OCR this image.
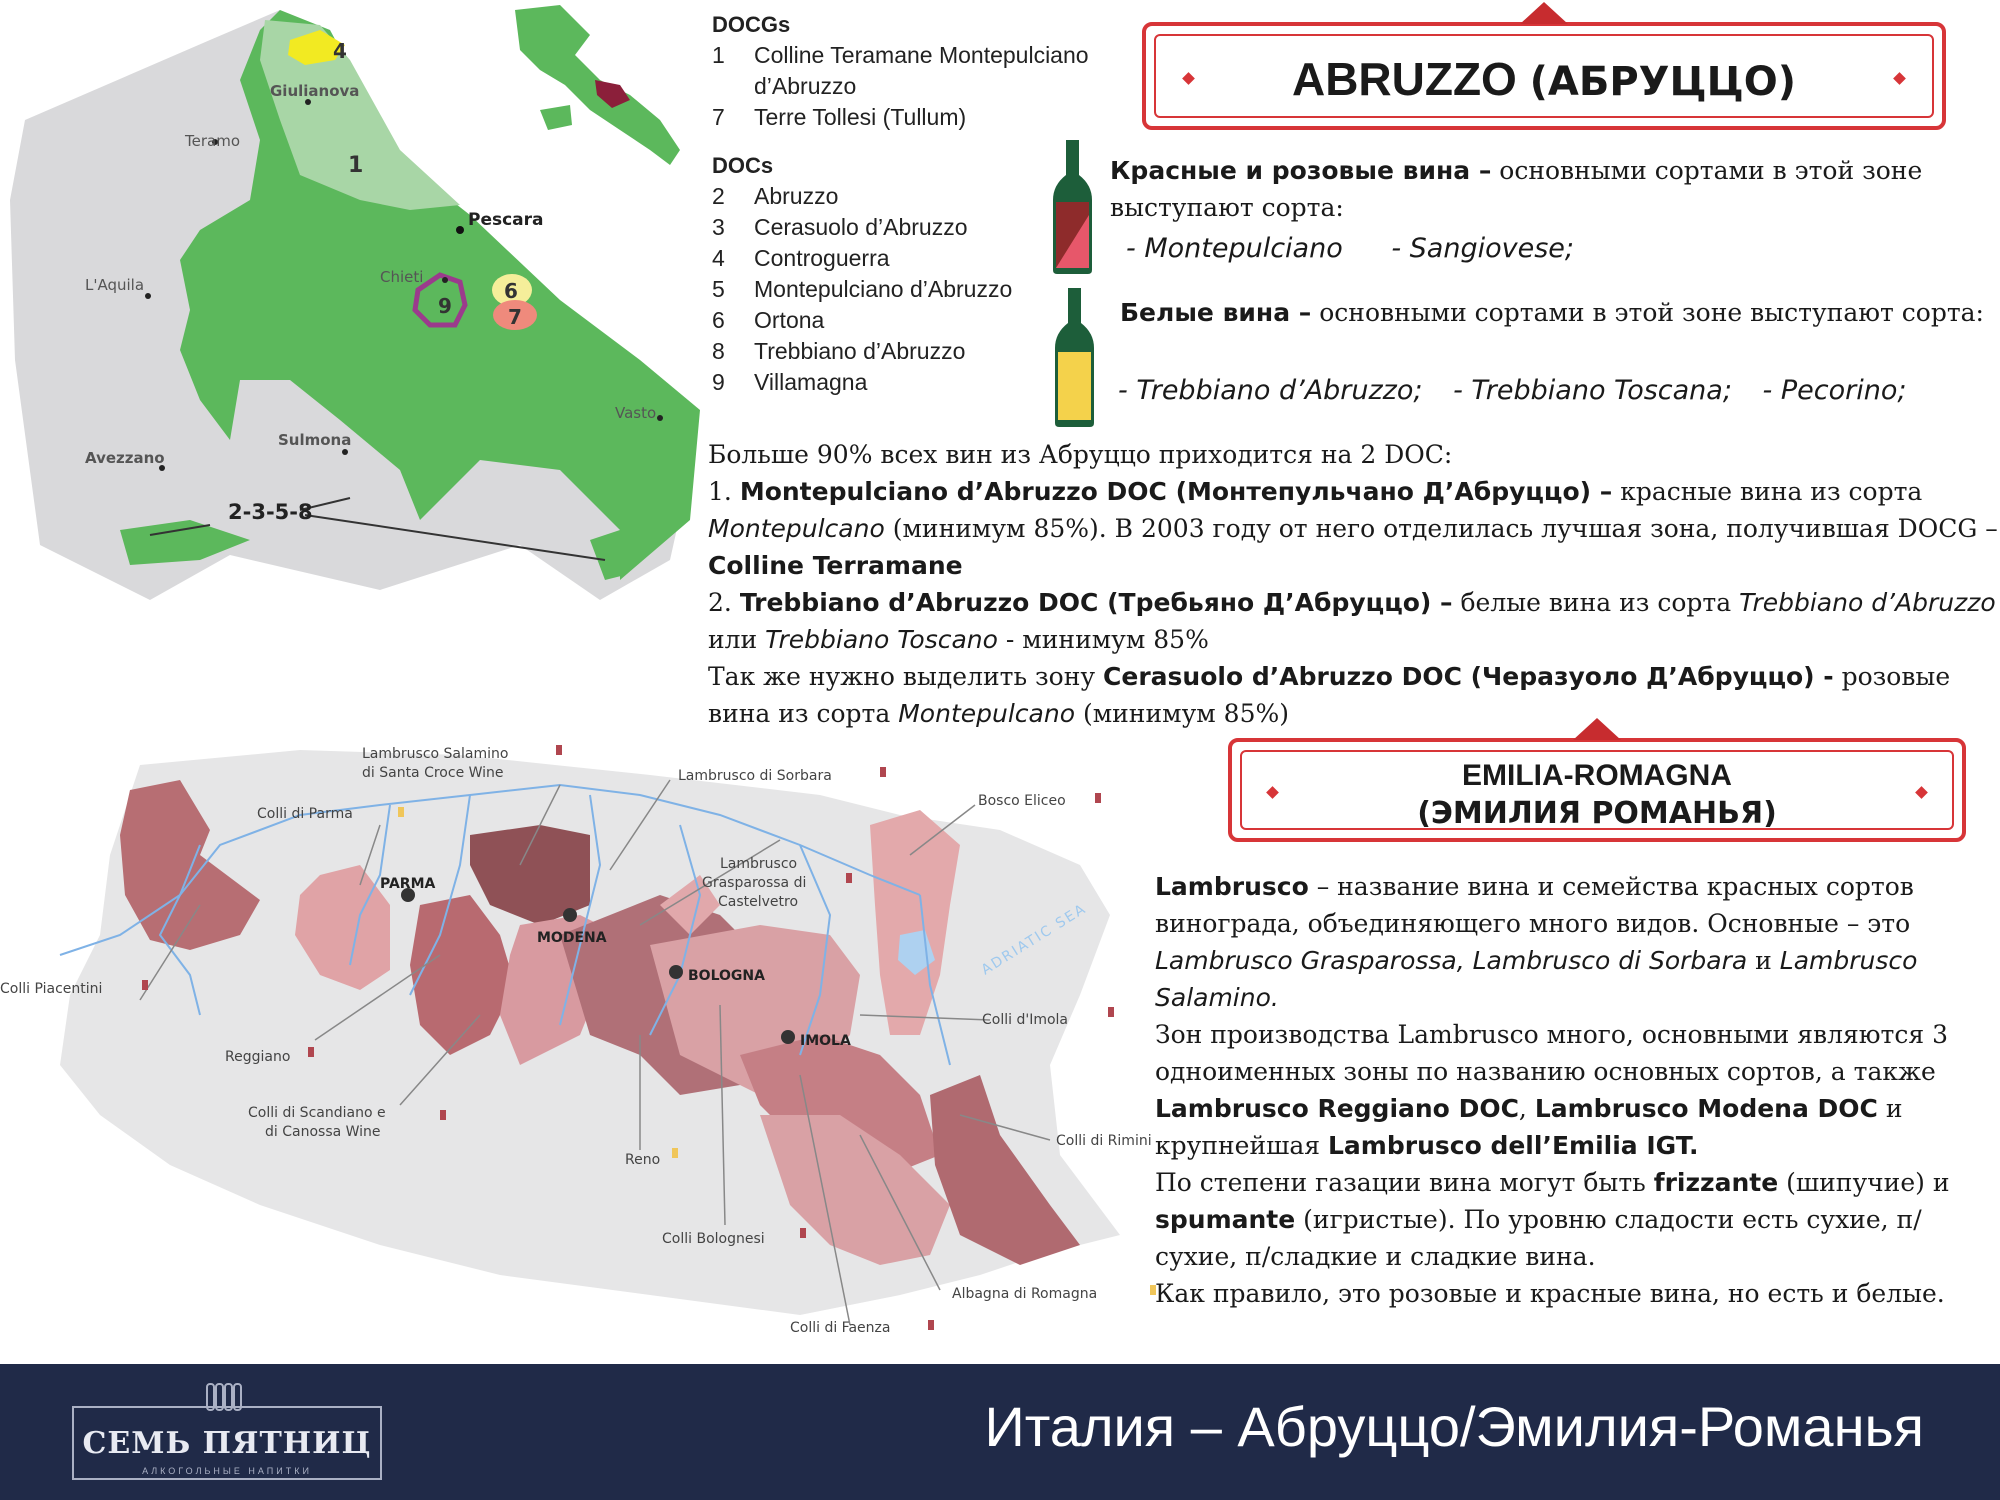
4
1
9
6
7
Giulianova
Teramo
Pescara
L'Aquila	Chieti
Vasto
Sulmona
Avezzano
2-3-5-8
DOCGs
1	Colline Teramane Montepulciano d’Abruzzo
7	Terre Tollesi (Tullum)
DOCs
2	Abruzzo
3	Cerasuolo d’Abruzzo
4	Controguerra
5	Montepulciano d’Abruzzo
6	Ortona
8	Trebbiano d’Abruzzo
9	Villamagna
ABRUZZO (АБРУЦЦО)
Красные и розовые вина – основными сортами в этой зоне выступают сорта:
- Montepulciano - Sangiovese;
Белые вина – основными сортами в этой зоне выступают сорта:
- Trebbiano d’Abruzzo; - Trebbiano Toscana; - Pecorino;

Больше 90% всех вин из Абруццо приходится на 2 DOC:

1. Montepulciano d’Abruzzo DOC (Монтепульчано Д’Абруццо) – красные вина из сорта Montepulcano (минимум 85%). В 2003 году от него отделилась лучшая зона, получившая DOCG – Colline Terramane

2. Trebbiano d’Abruzzo DOC (Требьяно Д’Абруццо) – белые вина из сорта Trebbiano d’Abruzzo или Trebbiano Toscano - минимум 85%

Так же нужно выделить зону Cerasuolo d’Abruzzo DOC (Черазуоло Д’Абруццо) - розовые вина из сорта Montepulcano (минимум 85%)

PARMA
MODENA
BOLOGNA
IMOLA
ADRIATIC SEA
Lambrusco Salamino
di Santa Croce Wine	Lambrusco di Sorbara
Colli di Parma
Bosco Eliceo
Lambrusco
Grasparossa di
Castelvetro
Colli Piacentini
Colli d'Imola
Reggiano
Colli di Scandiano e
di Canossa Wine
Colli di Rimini
Reno
Colli Bolognesi
Albagna di Romagna
Colli di Faenza
EMILIA-ROMAGNA
(ЭМИЛИЯ РОМАНЬЯ)

Lambrusco – название вина и семейства красных сортов винограда, объединяющего много видов. Основные – это Lambrusco Grasparossa, Lambrusco di Sorbara и Lambrusco Salamino.

Зон производства Lambrusco много, основными являются 3 одноименных зоны по названию основных сортов, а также Lambrusco Reggiano DOC, Lambrusco Modena DOC и крупнейшая Lambrusco dell’Emilia IGT.

По степени газации вина могут быть frizzante (шипучие) и spumante (игристые). По уровню сладости есть сухие, п/сухие, п/сладкие и сладкие вина.

Как правило, это розовые и красные вина, но есть и белые.

СЕМЬ ПЯТНИЦ
АЛКОГОЛЬНЫЕ НАПИТКИ
Италия – Абруццо/Эмилия-Романья
